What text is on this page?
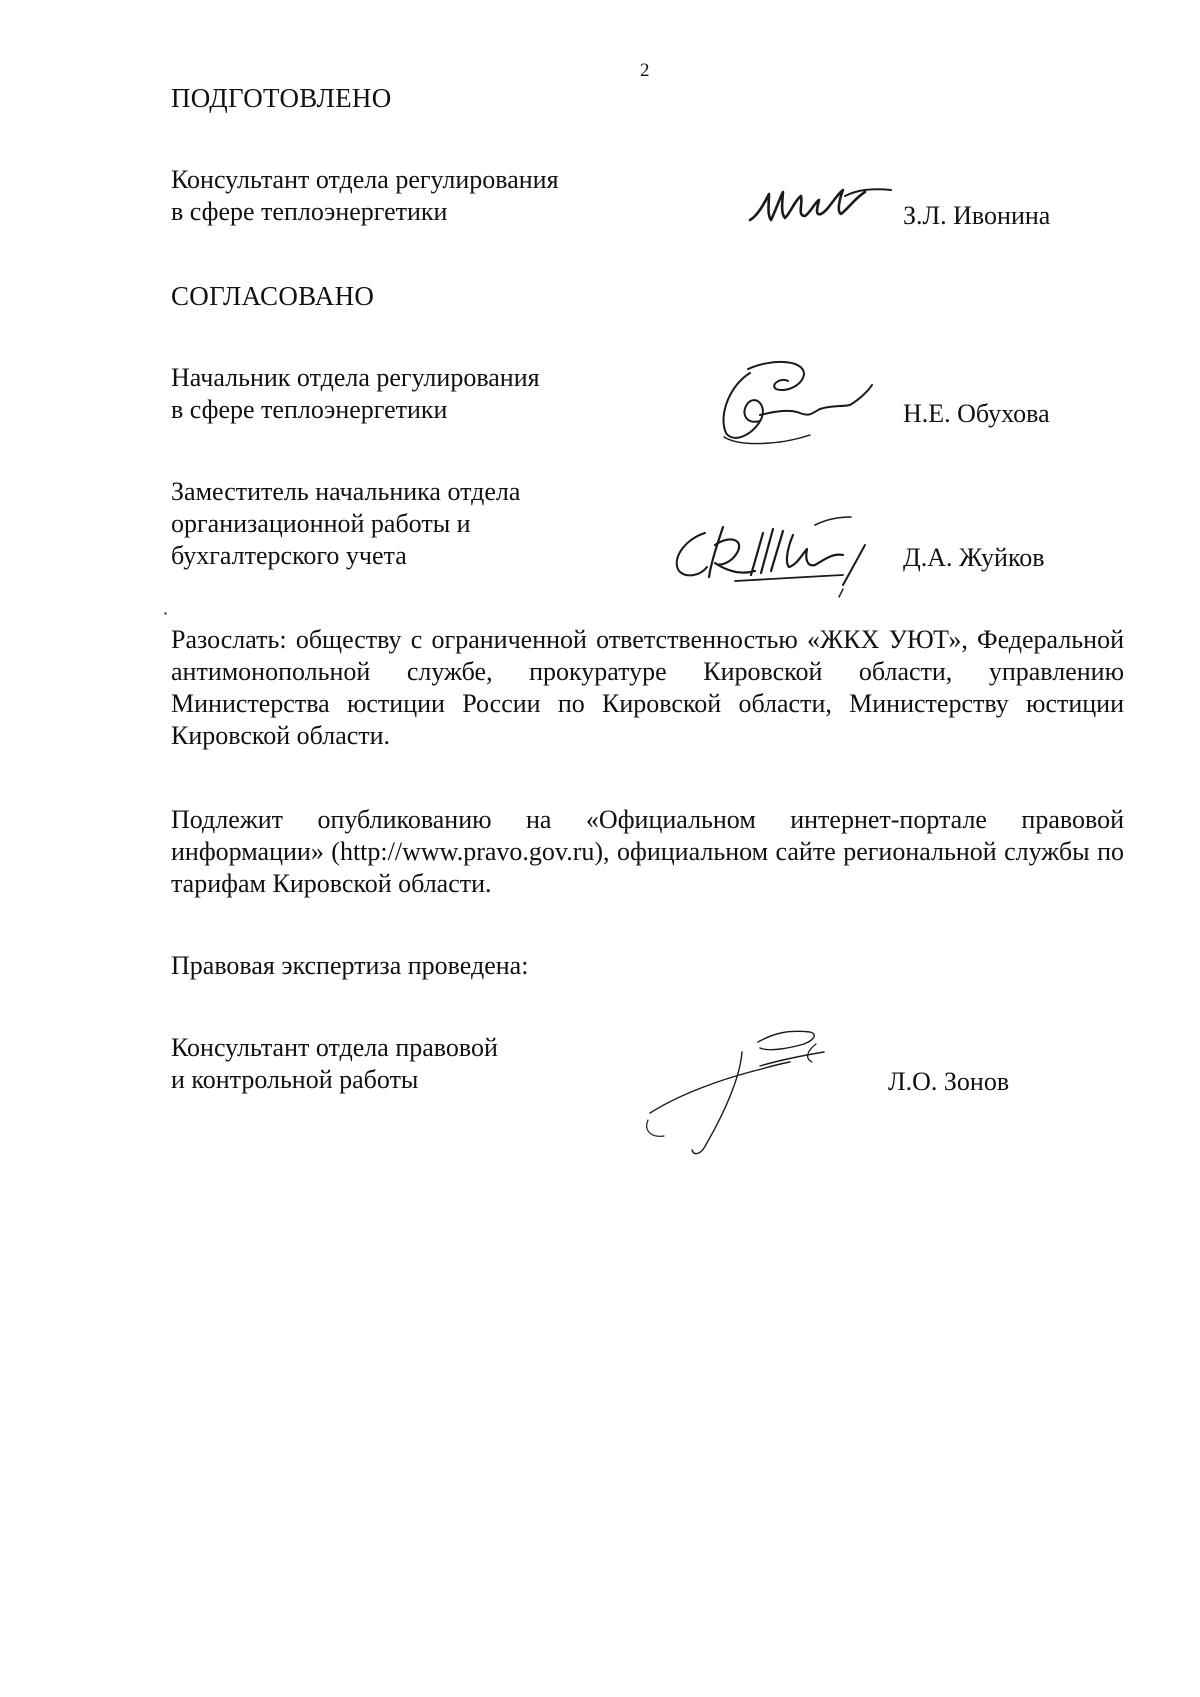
2
ПОДГОТОВЛЕНО
Консультант отдела регулирования
в сфере теплоэнергетики	З.Л. Ивонина
СОГЛАСОВАНО
Начальник отдела регулирования
в сфере теплоэнергетики	Н.Е. Обухова
Заместитель начальника отдела
организационной работы и
бухгалтерского учета	Д.А. Жуйков
Разослать: обществу с ограниченной ответственностью «ЖКХ УЮТ», Федеральной антимонопольной службе, прокуратуре Кировской области, управлению Министерства юстиции России по Кировской области, Министерству юстиции Кировской области.
Подлежит опубликованию на «Официальном интернет-портале правовой информации» (http://www.pravo.gov.ru), официальном сайте региональной службы по тарифам Кировской области.
Правовая экспертиза проведена:
Консультант отдела правовой
и контрольной работы	Л.О. Зонов
